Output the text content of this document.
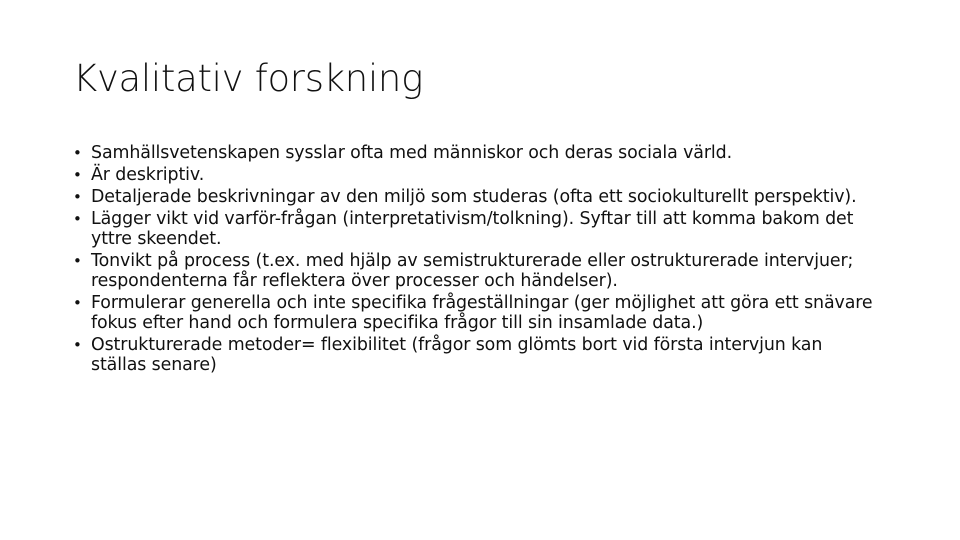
Kvalitativ forskning
• Samhällsvetenskapen sysslar ofta med människor och deras sociala värld.
• Är deskriptiv.
• Detaljerade beskrivningar av den miljö som studeras (ofta ett sociokulturellt perspektiv).
• Lägger vikt vid varför-frågan (interpretativism/tolkning). Syftar till att komma bakom det yttre skeendet.
• Tonvikt på process (t.ex. med hjälp av semistrukturerade eller ostrukturerade intervjuer; respondenterna får reflektera över processer och händelser).
• Formulerar generella och inte specifika frågeställningar (ger möjlighet att göra ett snävare fokus efter hand och formulera specifika frågor till sin insamlade data.)
• Ostrukturerade metoder= flexibilitet (frågor som glömts bort vid första intervjun kan ställas senare)
